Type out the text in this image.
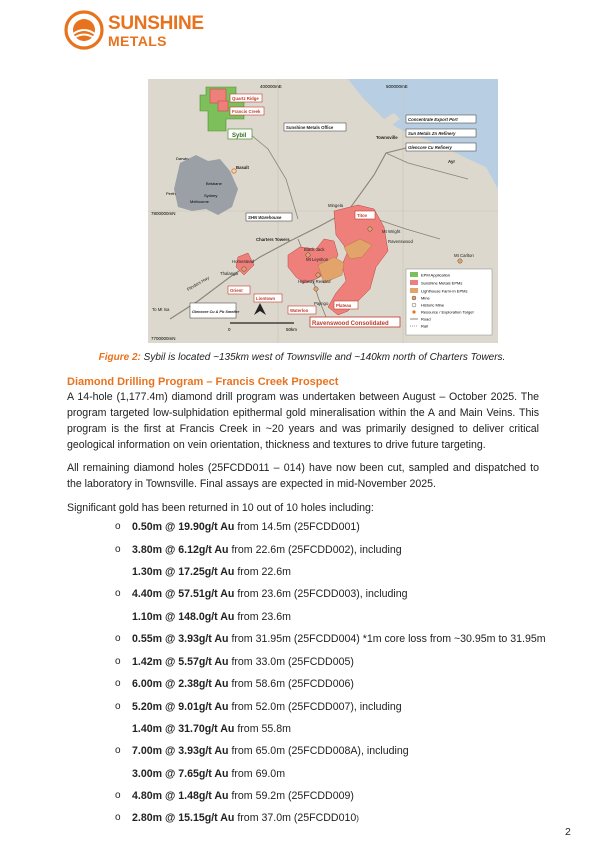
SUNSHINE
METALS
400000mE	500000mE
7800000mN
7700000mN
Darwin
Perth
Brisbane
Sydney
Melbourne
Quartz Ridge
Francis Creek
Sunshine Metals Office
Concentrate Export Port
Sun Metals Zn Refinery
Glencore Cu Refinery
SHN Warehouse	Titov
Orient
Liontown
Waterloo
Plateau
Glencore Cu & Pb Smelter
Sybil
Ravenswood Consolidated
Townsville
Ayr
Basalt
Mingela
Mt Wright
Ravenswood
Charters Towers
Black Jack
Mt Leyshon
Highway Reward
Homestead
Thalanga
Flinders Hwy
Pajingo
Mt Carlton
To Mt Isa
0	50km
EPM Application
Sunshine Metals EPMs
Lighthouse Farm-In EPMs
Mine
Historic Mine
Resource / Exploration Target
Road
Rail
Figure 2: Sybil is located ~135km west of Townsville and ~140km north of Charters Towers.
Diamond Drilling Program – Francis Creek Prospect
A 14-hole (1,177.4m) diamond drill program was undertaken between August – October 2025. The program targeted low-sulphidation epithermal gold mineralisation within the A and Main Veins. This program is the first at Francis Creek in ~20 years and was primarily designed to deliver critical geological information on vein orientation, thickness and textures to drive future targeting.
All remaining diamond holes (25FCDD011 – 014) have now been cut, sampled and dispatched to the laboratory in Townsville. Final assays are expected in mid-November 2025.
Significant gold has been returned in 10 out of 10 holes including:
o 0.50m @ 19.90g/t Au from 14.5m (25FCDD001)
o 3.80m @ 6.12g/t Au from 22.6m (25FCDD002), including
1.30m @ 17.25g/t Au from 22.6m
o 4.40m @ 57.51g/t Au from 23.6m (25FCDD003), including
1.10m @ 148.0g/t Au from 23.6m
o 0.55m @ 3.93g/t Au from 31.95m (25FCDD004) *1m core loss from ~30.95m to 31.95m
o 1.42m @ 5.57g/t Au from 33.0m (25FCDD005)
o 6.00m @ 2.38g/t Au from 58.6m (25FCDD006)
o 5.20m @ 9.01g/t Au from 52.0m (25FCDD007), including
1.40m @ 31.70g/t Au from 55.8m
o 7.00m @ 3.93g/t Au from 65.0m (25FCDD008A), including
3.00m @ 7.65g/t Au from 69.0m
o 4.80m @ 1.48g/t Au from 59.2m (25FCDD009)
o 2.80m @ 15.15g/t Au from 37.0m (25FCDD010)
2
